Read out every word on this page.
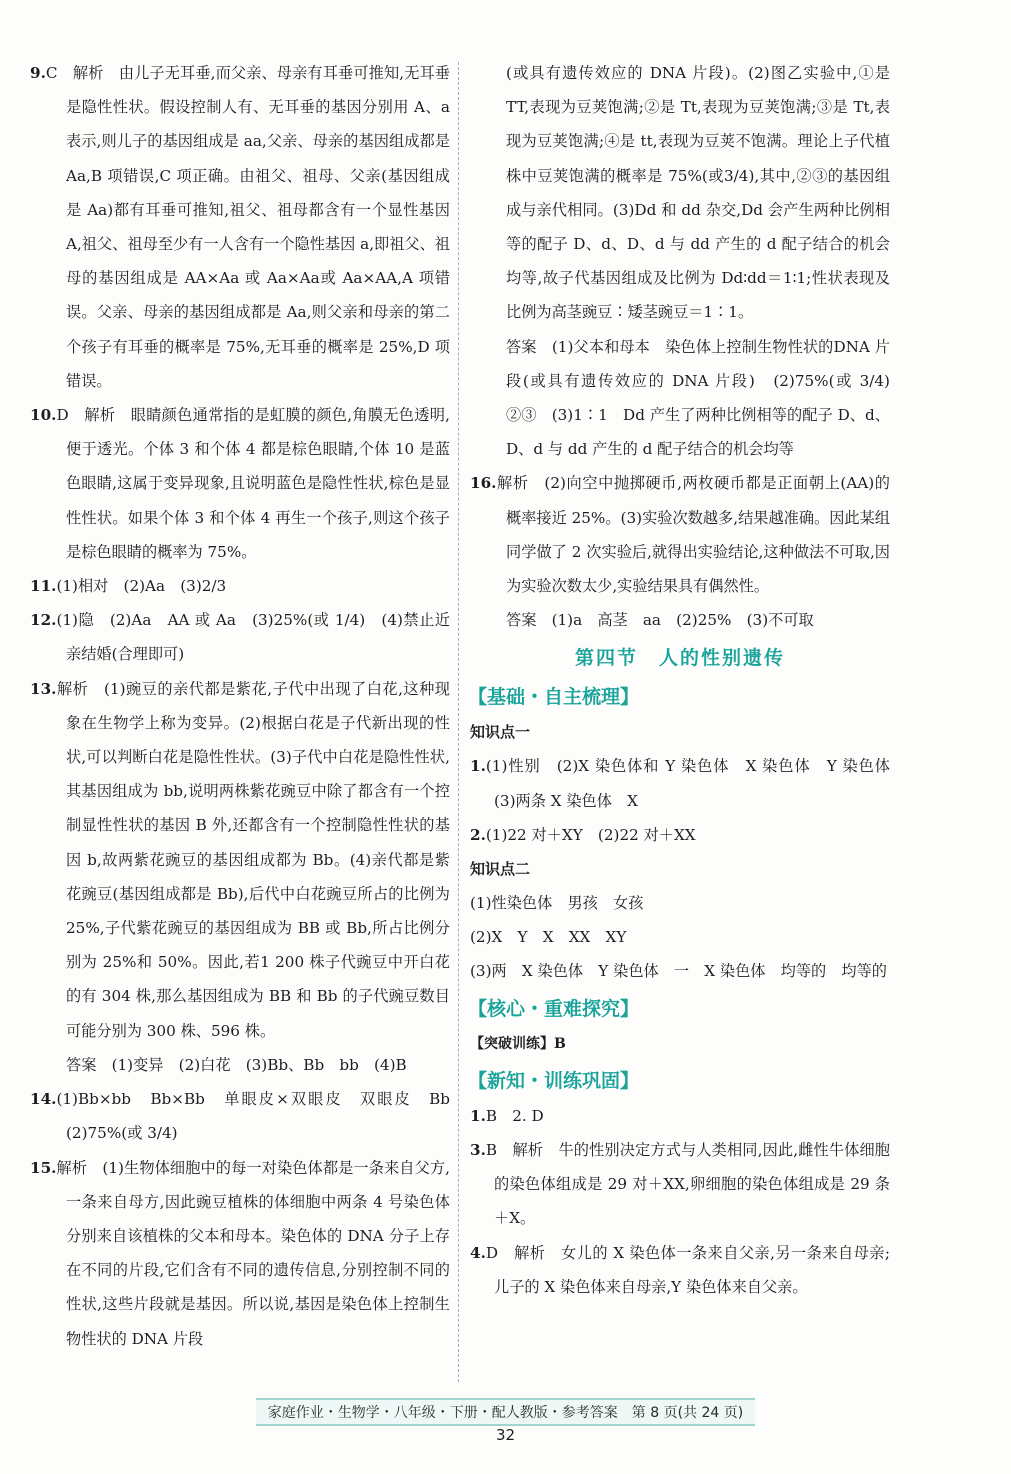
9.C　解析　由儿子无耳垂,而父亲、母亲有耳垂可推知,无耳垂是隐性性状。假设控制人有、无耳垂的基因分别用 A、a 表示,则儿子的基因组成是 aa,父亲、母亲的基因组成都是 Aa,B 项错误,C 项正确。由祖父、祖母、父亲(基因组成是 Aa)都有耳垂可推知,祖父、祖母都含有一个显性基因 A,祖父、祖母至少有一人含有一个隐性基因 a,即祖父、祖母的基因组成是 AA×Aa 或 Aa×Aa或 Aa×AA,A 项错误。父亲、母亲的基因组成都是 Aa,则父亲和母亲的第二个孩子有耳垂的概率是 75%,无耳垂的概率是 25%,D 项错误。

10.D　解析　眼睛颜色通常指的是虹膜的颜色,角膜无色透明,便于透光。个体 3 和个体 4 都是棕色眼睛,个体 10 是蓝色眼睛,这属于变异现象,且说明蓝色是隐性性状,棕色是显性性状。如果个体 3 和个体 4 再生一个孩子,则这个孩子是棕色眼睛的概率为 75%。

11.(1)相对　(2)Aa　(3)2/3

12.(1)隐　(2)Aa　AA 或 Aa　(3)25%(或 1/4)　(4)禁止近亲结婚(合理即可)

13.解析　(1)豌豆的亲代都是紫花,子代中出现了白花,这种现象在生物学上称为变异。(2)根据白花是子代新出现的性状,可以判断白花是隐性性状。(3)子代中白花是隐性性状,其基因组成为 bb,说明两株紫花豌豆中除了都含有一个控制显性性状的基因 B 外,还都含有一个控制隐性性状的基因 b,故两紫花豌豆的基因组成都为 Bb。(4)亲代都是紫花豌豆(基因组成都是 Bb),后代中白花豌豆所占的比例为 25%,子代紫花豌豆的基因组成为 BB 或 Bb,所占比例分别为 25%和 50%。因此,若1 200 株子代豌豆中开白花的有 304 株,那么基因组成为 BB 和 Bb 的子代豌豆数目可能分别为 300 株、596 株。

答案　(1)变异　(2)白花　(3)Bb、Bb　bb　(4)B

14.(1)Bb×bb　Bb×Bb　单眼皮×双眼皮　双眼皮　Bb　(2)75%(或 3/4)

15.解析　(1)生物体细胞中的每一对染色体都是一条来自父方,一条来自母方,因此豌豆植株的体细胞中两条 4 号染色体分别来自该植株的父本和母本。染色体的 DNA 分子上存在不同的片段,它们含有不同的遗传信息,分别控制不同的性状,这些片段就是基因。所以说,基因是染色体上控制生物性状的 DNA 片段

(或具有遗传效应的 DNA 片段)。(2)图乙实验中,①是 TT,表现为豆荚饱满;②是 Tt,表现为豆荚饱满;③是 Tt,表现为豆荚饱满;④是 tt,表现为豆荚不饱满。理论上子代植株中豆荚饱满的概率是 75%(或3/4),其中,②③的基因组成与亲代相同。(3)Dd 和 dd 杂交,Dd 会产生两种比例相等的配子 D、d、D、d 与 dd 产生的 d 配子结合的机会均等,故子代基因组成及比例为 Dd∶dd＝1∶1;性状表现及比例为高茎豌豆∶矮茎豌豆＝1∶1。

答案　(1)父本和母本　染色体上控制生物性状的DNA 片段(或具有遗传效应的 DNA 片段)　(2)75%(或 3/4)　②③　(3)1∶1　Dd 产生了两种比例相等的配子 D、d、D、d 与 dd 产生的 d 配子结合的机会均等

16.解析　(2)向空中抛掷硬币,两枚硬币都是正面朝上(AA)的概率接近 25%。(3)实验次数越多,结果越准确。因此某组同学做了 2 次实验后,就得出实验结论,这种做法不可取,因为实验次数太少,实验结果具有偶然性。

答案　(1)a　高茎　aa　(2)25%　(3)不可取

第四节　人的性别遗传
【基础・自主梳理】
知识点一

1.(1)性别　(2)X 染色体和 Y 染色体　X 染色体　Y 染色体　(3)两条 X 染色体　X

2.(1)22 对＋XY　(2)22 对＋XX

知识点二

(1)性染色体　男孩　女孩

(2)X　Y　X　XX　XY

(3)两　X 染色体　Y 染色体　一　X 染色体　均等的　均等的

【核心・重难探究】
【突破训练】B
【新知・训练巩固】

1.B　2. D

3.B　解析　牛的性别决定方式与人类相同,因此,雌性牛体细胞的染色体组成是 29 对＋XX,卵细胞的染色体组成是 29 条＋X。

4.D　解析　女儿的 X 染色体一条来自父亲,另一条来自母亲;儿子的 X 染色体来自母亲,Y 染色体来自父亲。

家庭作业・生物学・八年级・下册・配人教版・参考答案　第 8 页(共 24 页)
32
